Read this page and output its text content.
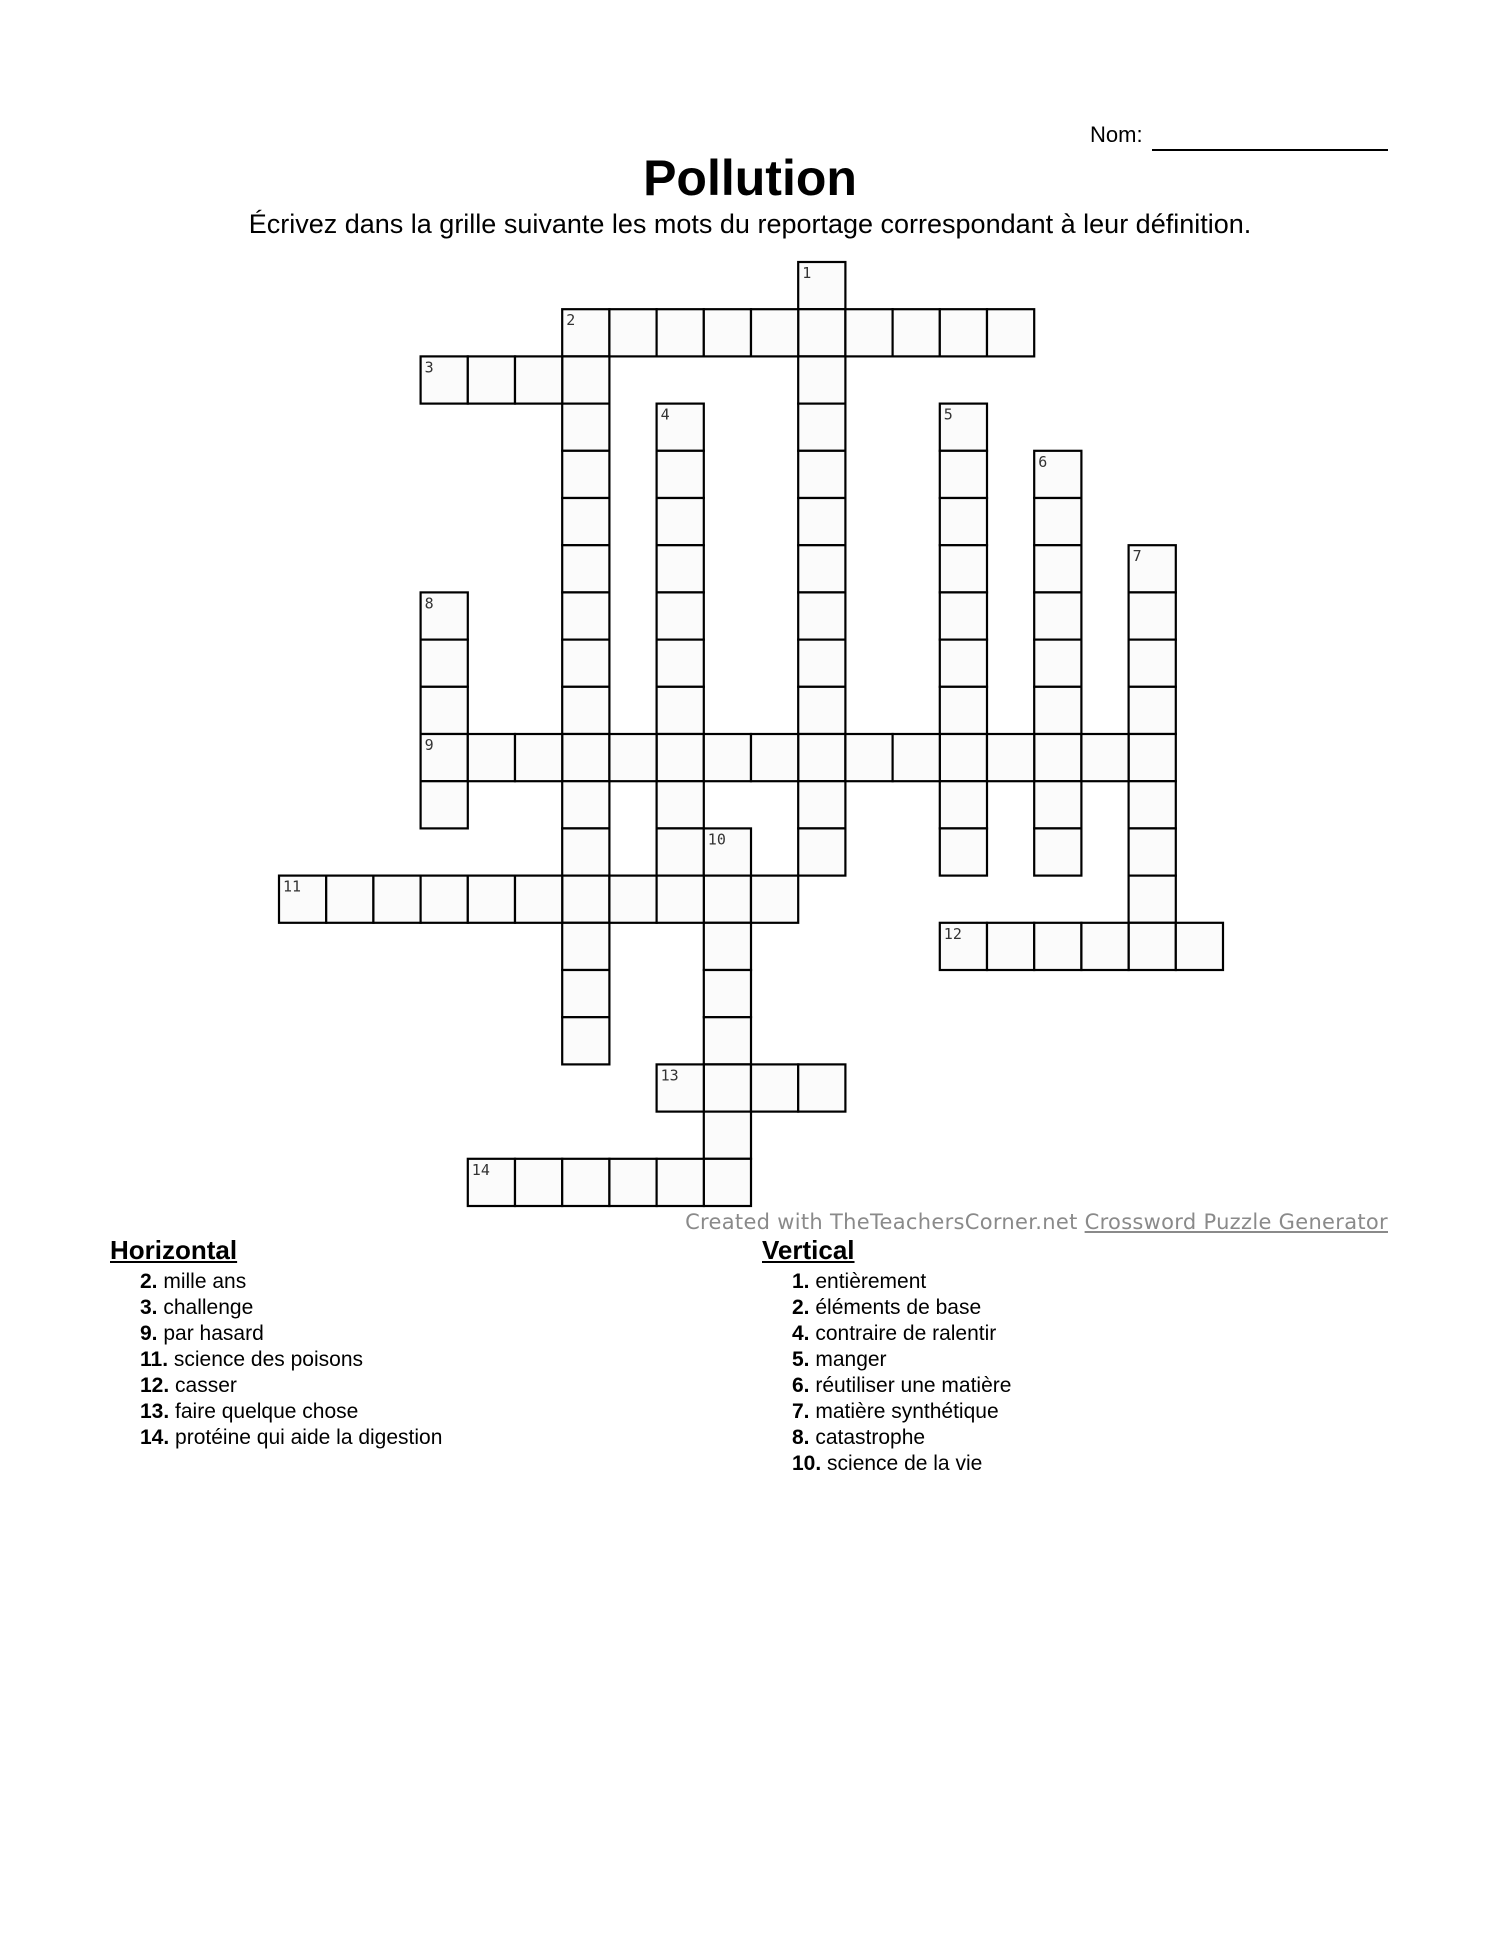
Nom:
Pollution
Écrivez dans la grille suivante les mots du reportage correspondant à leur définition.
1
2
3
4	5
6
7
8
9
10
11
12
13
14
Created with TheTeachersCorner.net Crossword Puzzle Generator
Horizontal
2. mille ans
3. challenge
9. par hasard
11. science des poisons
12. casser
13. faire quelque chose
14. protéine qui aide la digestion
Vertical
1. entièrement
2. éléments de base
4. contraire de ralentir
5. manger
6. réutiliser une matière
7. matière synthétique
8. catastrophe
10. science de la vie
